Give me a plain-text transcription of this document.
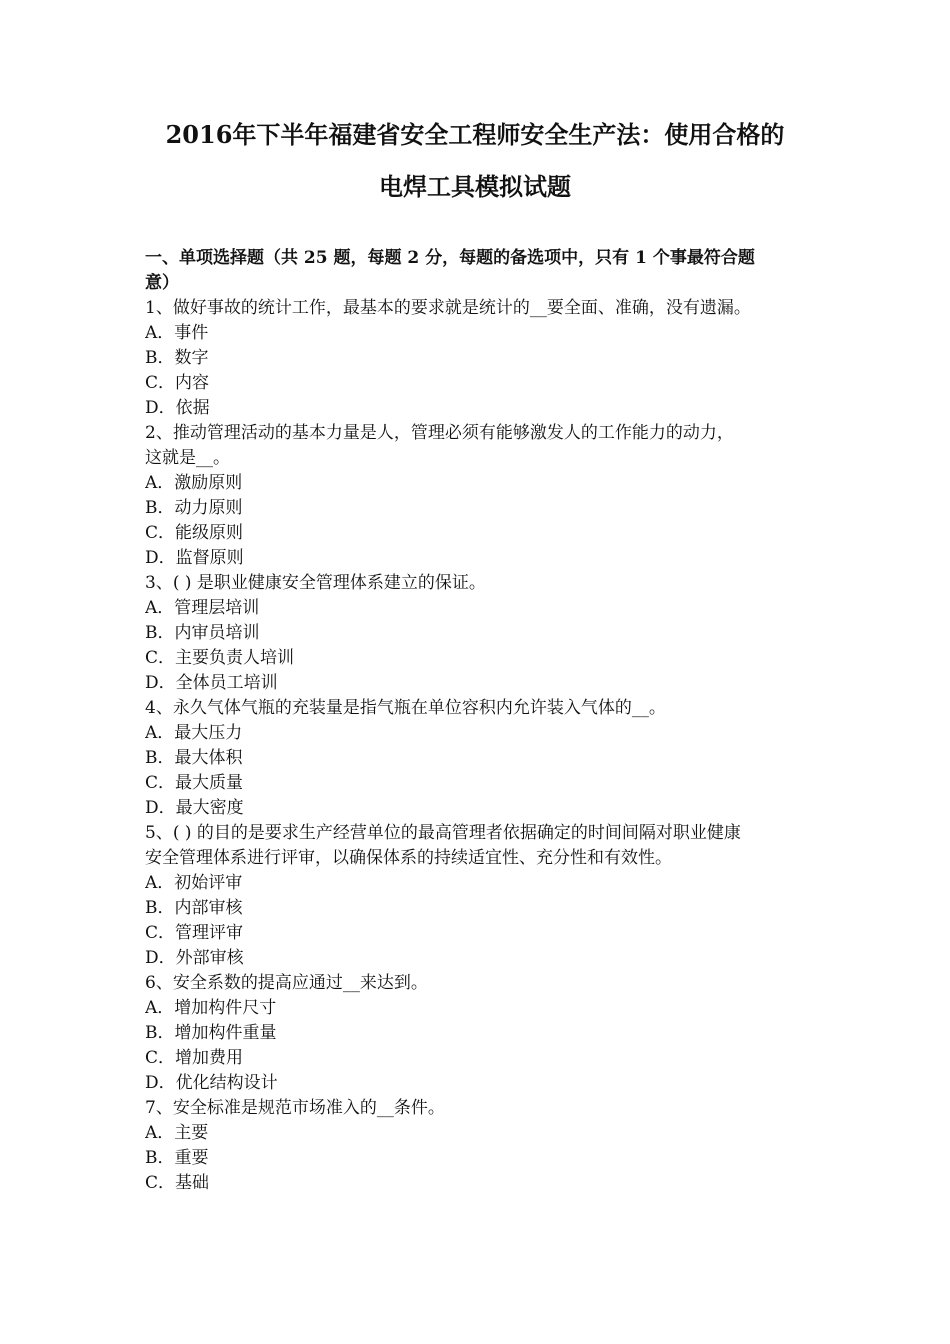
2016年下半年福建省安全工程师安全生产法：使用合格的
电焊工具模拟试题
一、单项选择题（共 25 题，每题 2 分，每题的备选项中，只有 1 个事最符合题
意）
1、做好事故的统计工作，最基本的要求就是统计的__要全面、准确，没有遗漏。
A．事件
B．数字
C．内容
D．依据
2、推动管理活动的基本力量是人，管理必须有能够激发人的工作能力的动力，
这就是__。
A．激励原则
B．动力原则
C．能级原则
D．监督原则
3、( ) 是职业健康安全管理体系建立的保证。
A．管理层培训
B．内审员培训
C．主要负责人培训
D．全体员工培训
4、永久气体气瓶的充装量是指气瓶在单位容积内允许装入气体的__。
A．最大压力
B．最大体积
C．最大质量
D．最大密度
5、( ) 的目的是要求生产经营单位的最高管理者依据确定的时间间隔对职业健康
安全管理体系进行评审，以确保体系的持续适宜性、充分性和有效性。
A．初始评审
B．内部审核
C．管理评审
D．外部审核
6、安全系数的提高应通过__来达到。
A．增加构件尺寸
B．增加构件重量
C．增加费用
D．优化结构设计
7、安全标准是规范市场准入的__条件。
A．主要
B．重要
C．基础
